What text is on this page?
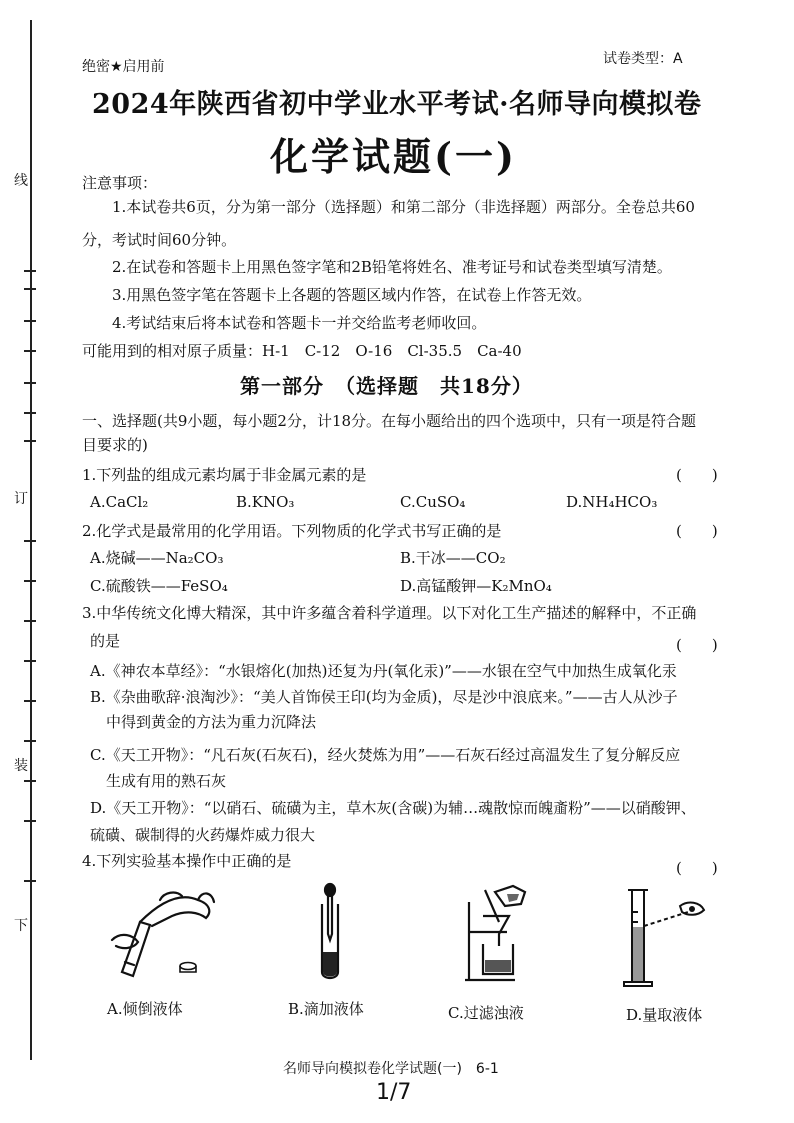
线
订
装
下
绝密★启用前	试卷类型：A
2024年陕西省初中学业水平考试·名师导向模拟卷
化学试题(一)
注意事项：
1.本试卷共6页，分为第一部分（选择题）和第二部分（非选择题）两部分。全卷总共60
分，考试时间60分钟。
2.在试卷和答题卡上用黑色签字笔和2B铅笔将姓名、准考证号和试卷类型填写清楚。
3.用黑色签字笔在答题卡上各题的答题区域内作答，在试卷上作答无效。
4.考试结束后将本试卷和答题卡一并交给监考老师收回。
可能用到的相对原子质量：H-1　C-12　O-16　Cl-35.5　Ca-40
第一部分　（选择题　共18分）
一、选择题(共9小题，每小题2分，计18分。在每小题给出的四个选项中，只有一项是符合题
目要求的)
1.下列盐的组成元素均属于非金属元素的是	(　　)
A.CaCl₂	B.KNO₃	C.CuSO₄	D.NH₄HCO₃
2.化学式是最常用的化学用语。下列物质的化学式书写正确的是	(　　)
A.烧碱——Na₂CO₃	B.干冰——CO₂
C.硫酸铁——FeSO₄	D.高锰酸钾—K₂MnO₄
3.中华传统文化博大精深，其中许多蕴含着科学道理。以下对化工生产描述的解释中，不正确
的是	(　　)
A.《神农本草经》：“水银熔化(加热)还复为丹(氧化汞)”——水银在空气中加热生成氧化汞
B.《杂曲歌辞·浪淘沙》：“美人首饰侯王印(均为金质)，尽是沙中浪底来。”——古人从沙子
中得到黄金的方法为重力沉降法
C.《天工开物》：“凡石灰(石灰石)，经火焚炼为用”——石灰石经过高温发生了复分解反应
生成有用的熟石灰
D.《天工开物》：“以硝石、硫磺为主，草木灰(含碳)为辅…魂散惊而魄齑粉”——以硝酸钾、
硫磺、碳制得的火药爆炸威力很大
4.下列实验基本操作中正确的是	(　　)
A.倾倒液体	B.滴加液体	C.过滤浊液	D.量取液体
名师导向模拟卷化学试题(一)　6-1
1/7
